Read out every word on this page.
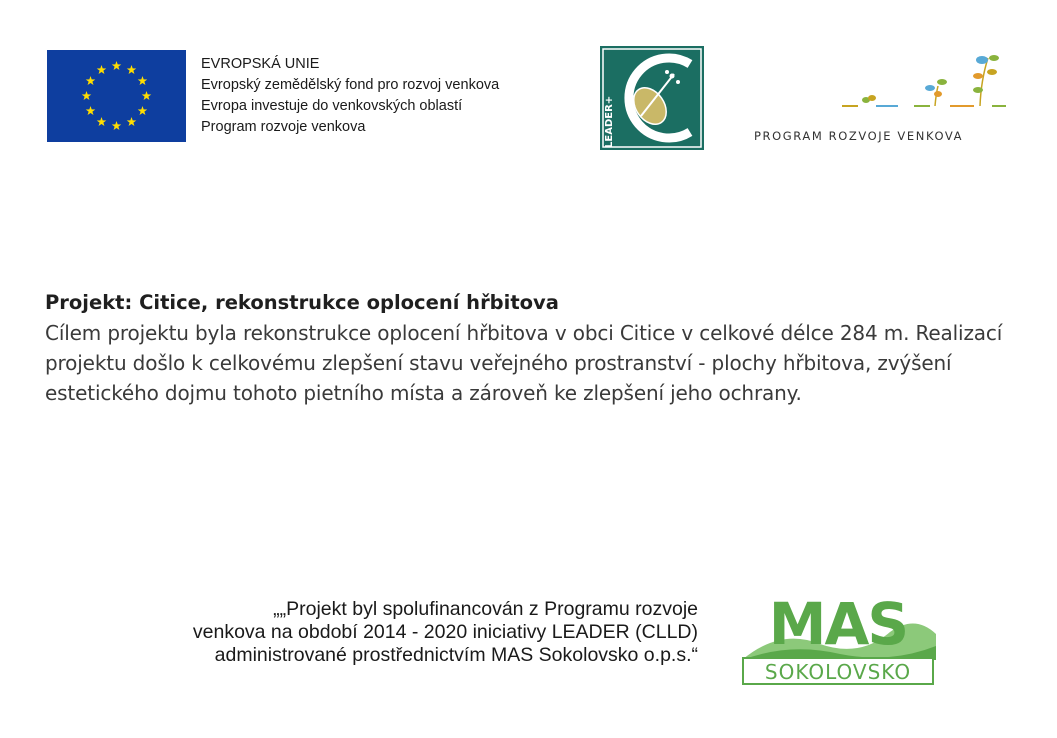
EVROPSKÁ UNIE
Evropský zemědělský fond pro rozvoj venkova
Evropa investuje do venkovských oblastí
Program rozvoje venkova	LEADER+	PROGRAM ROZVOJE VENKOVA

Projekt: Citice, rekonstrukce oplocení hřbitova

Cílem projektu byla rekonstrukce oplocení hřbitova v obci Citice v celkové délce 284 m. Realizací projektu došlo k celkovému zlepšení stavu veřejného prostranství - plochy hřbitova, zvýšení estetického dojmu tohoto pietního místa a zároveň ke zlepšení jeho ochrany.

„„Projekt byl spolufinancován z Programu rozvoje
venkova na období 2014 - 2020 iniciativy LEADER (CLLD)
administrované prostřednictvím MAS Sokolovsko o.p.s.“ MAS
SOKOLOVSKO
